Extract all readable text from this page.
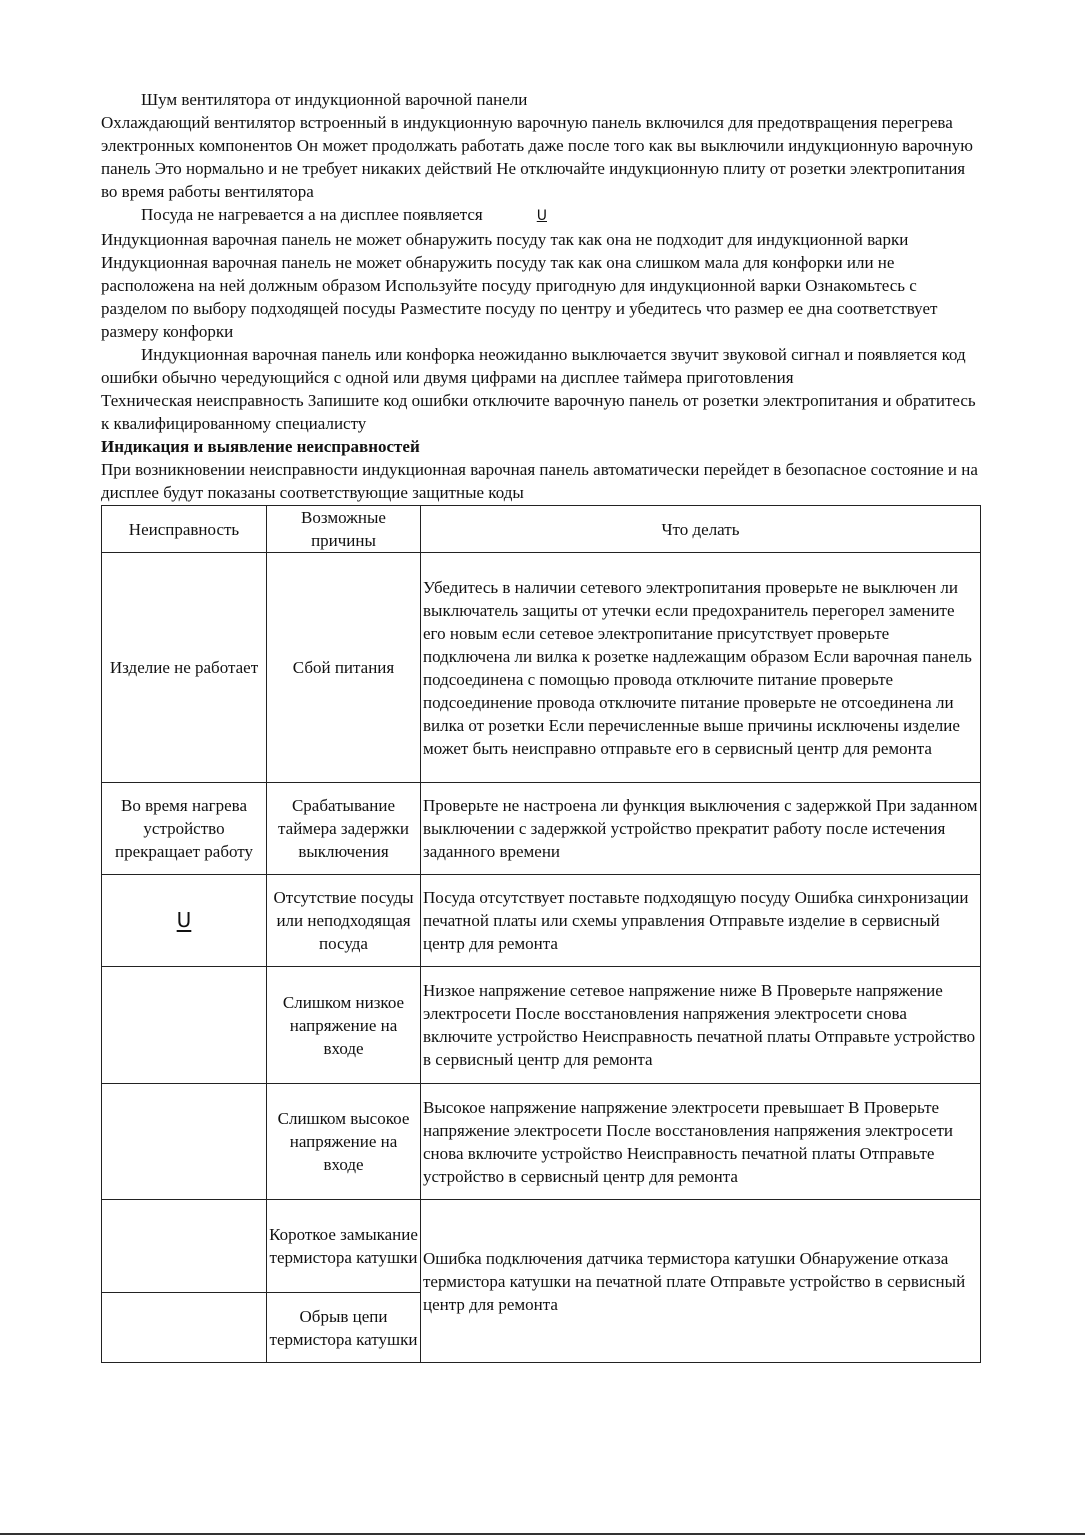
Шум вентилятора от индукционной варочной панели

Охлаждающий вентилятор встроенный в индукционную варочную панель включился для предотвращения перегрева электронных компонентов Он может продолжать работать даже после того как вы выключили индукционную варочную панель Это нормально и не требует никаких действий Не отключайте индукционную плиту от розетки электропитания во время работы вентилятора

Посуда не нагревается а на дисплее появляется	U

Индукционная варочная панель не может обнаружить посуду так как она не подходит для индукционной варки Индукционная варочная панель не может обнаружить посуду так как она слишком мала для конфорки или не расположена на ней должным образом Используйте посуду пригодную для индукционной варки Ознакомьтесь с разделом по выбору подходящей посуды Разместите посуду по центру и убедитесь что размер ее дна соответствует размеру конфорки

Индукционная варочная панель или конфорка неожиданно выключается звучит звуковой сигнал и появляется код ошибки обычно чередующийся с одной или двумя цифрами на дисплее таймера приготовления

Техническая неисправность Запишите код ошибки отключите варочную панель от розетки электропитания и обратитесь к квалифицированному специалисту

Индикация и выявление неисправностей

При возникновении неисправности индукционная варочная панель автоматически перейдет в безопасное состояние и на дисплее будут показаны соответствующие защитные коды

Неисправность	Возможные причины	Что делать
Изделие не работает	Сбой питания	Убедитесь в наличии сетевого электропитания проверьте не выключен ли выключатель защиты от утечки если предохранитель перегорел замените его новым если сетевое электропитание присутствует проверьте подключена ли вилка к розетке надлежащим образом Если варочная панель подсоединена с помощью провода отключите питание проверьте подсоединение провода отключите питание проверьте не отсоединена ли вилка от розетки Если перечисленные выше причины исключены изделие может быть неисправно отправьте его в сервисный центр для ремонта
Во время нагрева устройство прекращает работу	Срабатывание таймера задержки выключения	Проверьте не настроена ли функция выключения с задержкой При заданном выключении с задержкой устройство прекратит работу после истечения заданного времени
U	Отсутствие посуды или неподходящая посуда	Посуда отсутствует поставьте подходящую посуду Ошибка синхронизации печатной платы или схемы управления Отправьте изделие в сервисный центр для ремонта
	Слишком низкое напряжение на входе	Низкое напряжение сетевое напряжение ниже В Проверьте напряжение электросети После восстановления напряжения электросети снова включите устройство Неисправность печатной платы Отправьте устройство в сервисный центр для ремонта
	Слишком высокое напряжение на входе	Высокое напряжение напряжение электросети превышает В Проверьте напряжение электросети После восстановления напряжения электросети снова включите устройство Неисправность печатной платы Отправьте устройство в сервисный центр для ремонта
	Короткое замыкание термистора катушки	Ошибка подключения датчика термистора катушки Обнаружение отказа термистора катушки на печатной плате Отправьте устройство в сервисный центр для ремонта
	Обрыв цепи термистора катушки	
